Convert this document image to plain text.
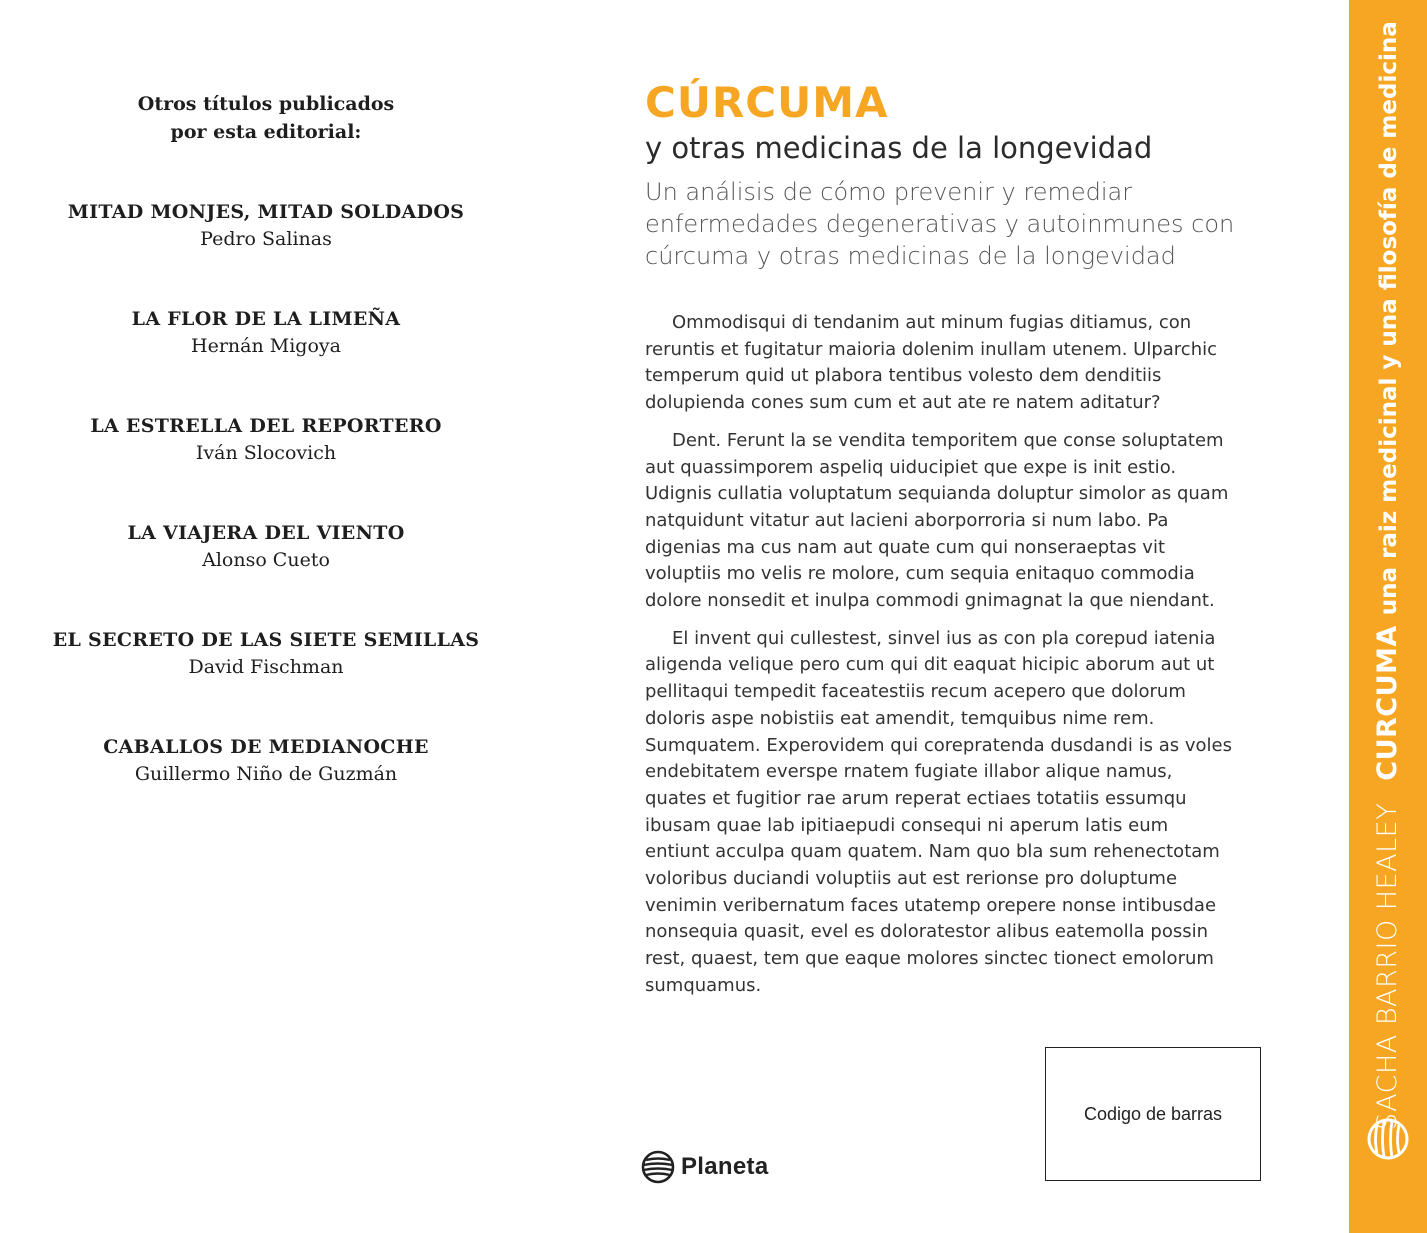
Otros títulos publicados
por esta editorial:
MITAD MONJES, MITAD SOLDADOS
Pedro Salinas
LA FLOR DE LA LIMEÑA
Hernán Migoya
LA ESTRELLA DEL REPORTERO
Iván Slocovich
LA VIAJERA DEL VIENTO
Alonso Cueto
EL SECRETO DE LAS SIETE SEMILLAS
David Fischman
CABALLOS DE MEDIANOCHE
Guillermo Niño de Guzmán
CÚRCUMA
y otras medicinas de la longevidad
Un análisis de cómo prevenir y remediar enfermedades degenerativas y autoinmunes con cúrcuma y otras medicinas de la longevidad

Ommodisqui di tendanim aut minum fugias ditiamus, con reruntis et fugitatur maioria dolenim inullam utenem. Ulparchic temperum quid ut plabora tentibus volesto dem denditiis dolupienda cones sum cum et aut ate re natem aditatur?

Dent. Ferunt la se vendita temporitem que conse soluptatem aut quassimporem aspeliq uiducipiet que expe is init estio. Udignis cullatia voluptatum sequianda doluptur simolor as quam natquidunt vitatur aut lacieni aborporroria si num labo. Pa digenias ma cus nam aut quate cum qui nonseraeptas vit voluptiis mo velis re molore, cum sequia enitaquo commodia dolore nonsedit et inulpa commodi gnimagnat la que niendant.

El invent qui cullestest, sinvel ius as con pla corepud iatenia aligenda velique pero cum qui dit eaquat hicipic aborum aut ut pellitaqui tempedit faceatestiis recum acepero que dolorum doloris aspe nobistiis eat amendit, temquibus nime rem. Sumquatem. Experovidem qui corepratenda dusdandi is as voles endebitatem everspe rnatem fugiate illabor alique namus, quates et fugitior rae arum reperat ectiaes totatiis essumqu ibusam quae lab ipitiaepudi consequi ni aperum latis eum entiunt acculpa quam quatem. Nam quo bla sum rehenectotam voloribus duciandi voluptiis aut est rerionse pro doluptume venimin veribernatum faces utatemp orepere nonse intibusdae nonsequia quasit, evel es doloratestor alibus eatemolla possin rest, quaest, tem que eaque molores sinctec tionect emolorum sumquamus.

Codigo de barras
Planeta
SACHA BARRIO HEALEY
CURCUMA
una raiz medicinal y una filosofía de medicina
